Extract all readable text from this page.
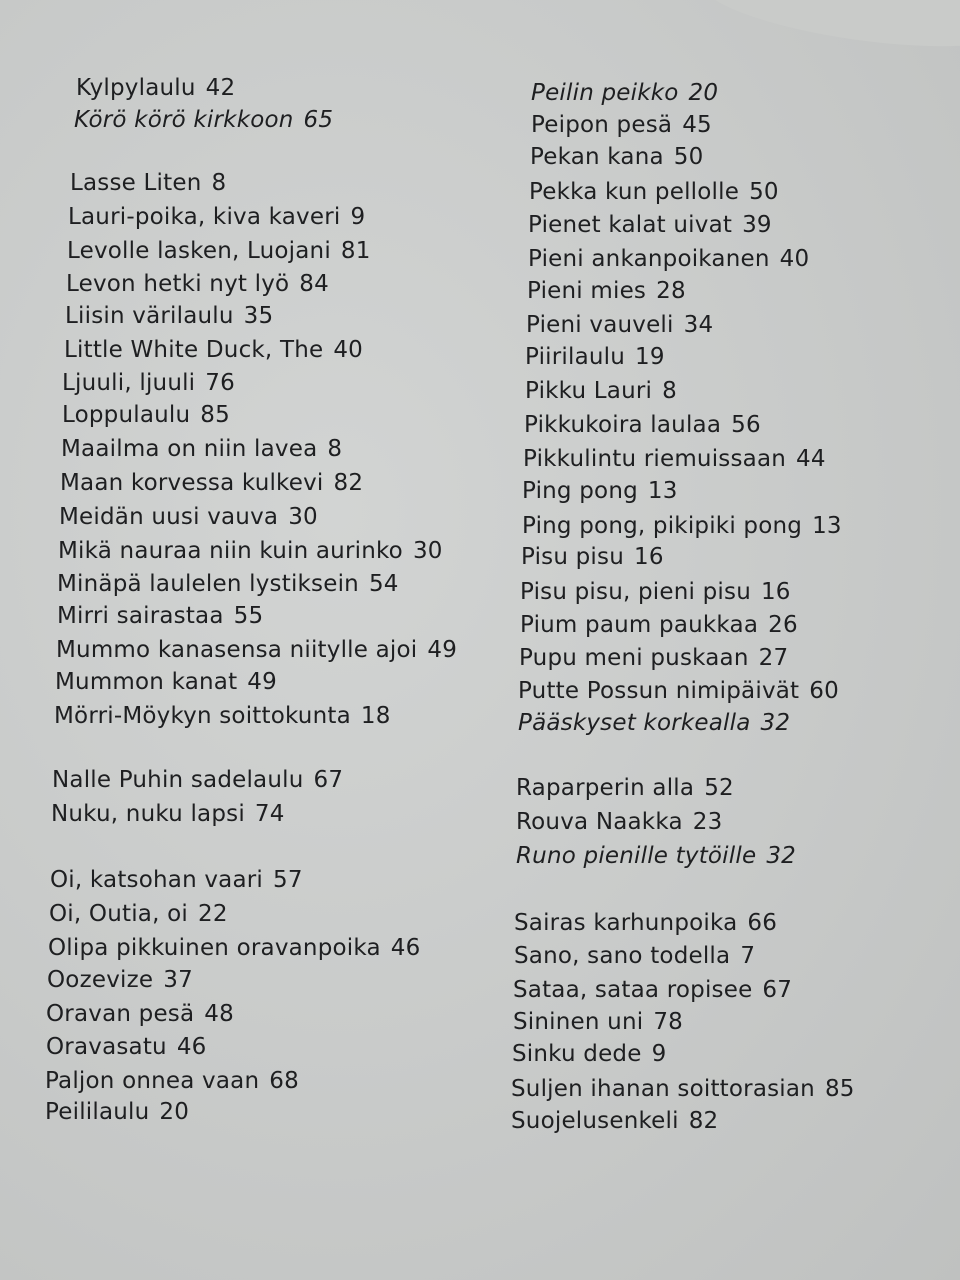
Kylpylaulu 42
Körö körö kirkkoon 65
Lasse Liten 8
Lauri-poika, kiva kaveri 9
Levolle lasken, Luojani 81
Levon hetki nyt lyö 84
Liisin värilaulu 35
Little White Duck, The 40
Ljuuli, ljuuli 76
Loppulaulu 85
Maailma on niin lavea 8
Maan korvessa kulkevi 82
Meidän uusi vauva 30
Mikä nauraa niin kuin aurinko 30
Minäpä laulelen lystiksein 54
Mirri sairastaa 55
Mummo kanasensa niitylle ajoi 49
Mummon kanat 49
Mörri-Möykyn soittokunta 18
Nalle Puhin sadelaulu 67
Nuku, nuku lapsi 74
Oi, katsohan vaari 57
Oi, Outia, oi 22
Olipa pikkuinen oravanpoika 46
Oozevize 37
Oravan pesä 48
Oravasatu 46
Paljon onnea vaan 68
Peililaulu 20
Peilin peikko 20
Peipon pesä 45
Pekan kana 50
Pekka kun pellolle 50
Pienet kalat uivat 39
Pieni ankanpoikanen 40
Pieni mies 28
Pieni vauveli 34
Piirilaulu 19
Pikku Lauri 8
Pikkukoira laulaa 56
Pikkulintu riemuissaan 44
Ping pong 13
Ping pong, pikipiki pong 13
Pisu pisu 16
Pisu pisu, pieni pisu 16
Pium paum paukkaa 26
Pupu meni puskaan 27
Putte Possun nimipäivät 60
Pääskyset korkealla 32
Raparperin alla 52
Rouva Naakka 23
Runo pienille tytöille 32
Sairas karhunpoika 66
Sano, sano todella 7
Sataa, sataa ropisee 67
Sininen uni 78
Sinku dede 9
Suljen ihanan soittorasian 85
Suojelusenkeli 82
